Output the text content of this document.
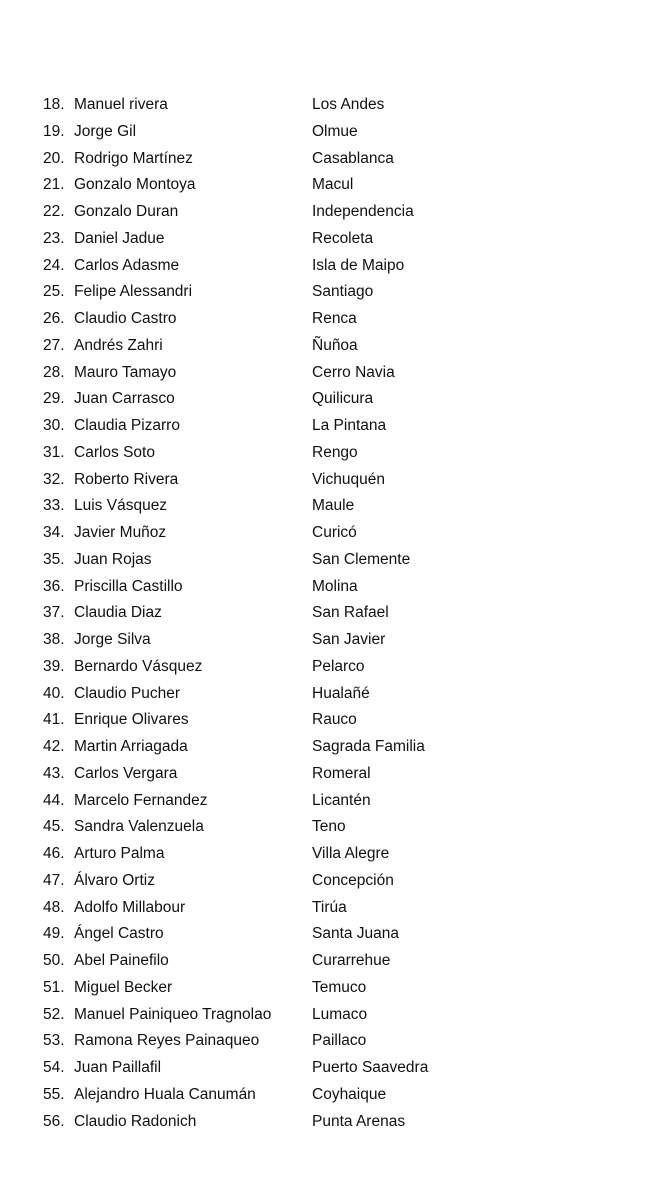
18. Manuel rivera	Los Andes
19. Jorge Gil	Olmue
20. Rodrigo Martínez	Casablanca
21. Gonzalo Montoya	Macul
22. Gonzalo Duran	Independencia
23. Daniel Jadue	Recoleta
24. Carlos Adasme	Isla de Maipo
25. Felipe Alessandri	Santiago
26. Claudio Castro	Renca
27. Andrés Zahri	Ñuñoa
28. Mauro Tamayo	Cerro Navia
29. Juan Carrasco	Quilicura
30. Claudia Pizarro	La Pintana
31. Carlos Soto	Rengo
32. Roberto Rivera	Vichuquén
33. Luis Vásquez	Maule
34. Javier Muñoz	Curicó
35. Juan Rojas	San Clemente
36. Priscilla Castillo	Molina
37. Claudia Diaz	San Rafael
38. Jorge Silva	San Javier
39. Bernardo Vásquez	Pelarco
40. Claudio Pucher	Hualañé
41. Enrique Olivares	Rauco
42. Martin Arriagada	Sagrada Familia
43. Carlos Vergara	Romeral
44. Marcelo Fernandez	Licantén
45. Sandra Valenzuela	Teno
46. Arturo Palma	Villa Alegre
47. Álvaro Ortiz	Concepción
48. Adolfo Millabour	Tirúa
49. Ángel Castro	Santa Juana
50. Abel Painefilo	Curarrehue
51. Miguel Becker	Temuco
52. Manuel Painiqueo Tragnolao	Lumaco
53. Ramona Reyes Painaqueo	Paillaco
54. Juan Paillafil	Puerto Saavedra
55. Alejandro Huala Canumán	Coyhaique
56. Claudio Radonich	Punta Arenas
